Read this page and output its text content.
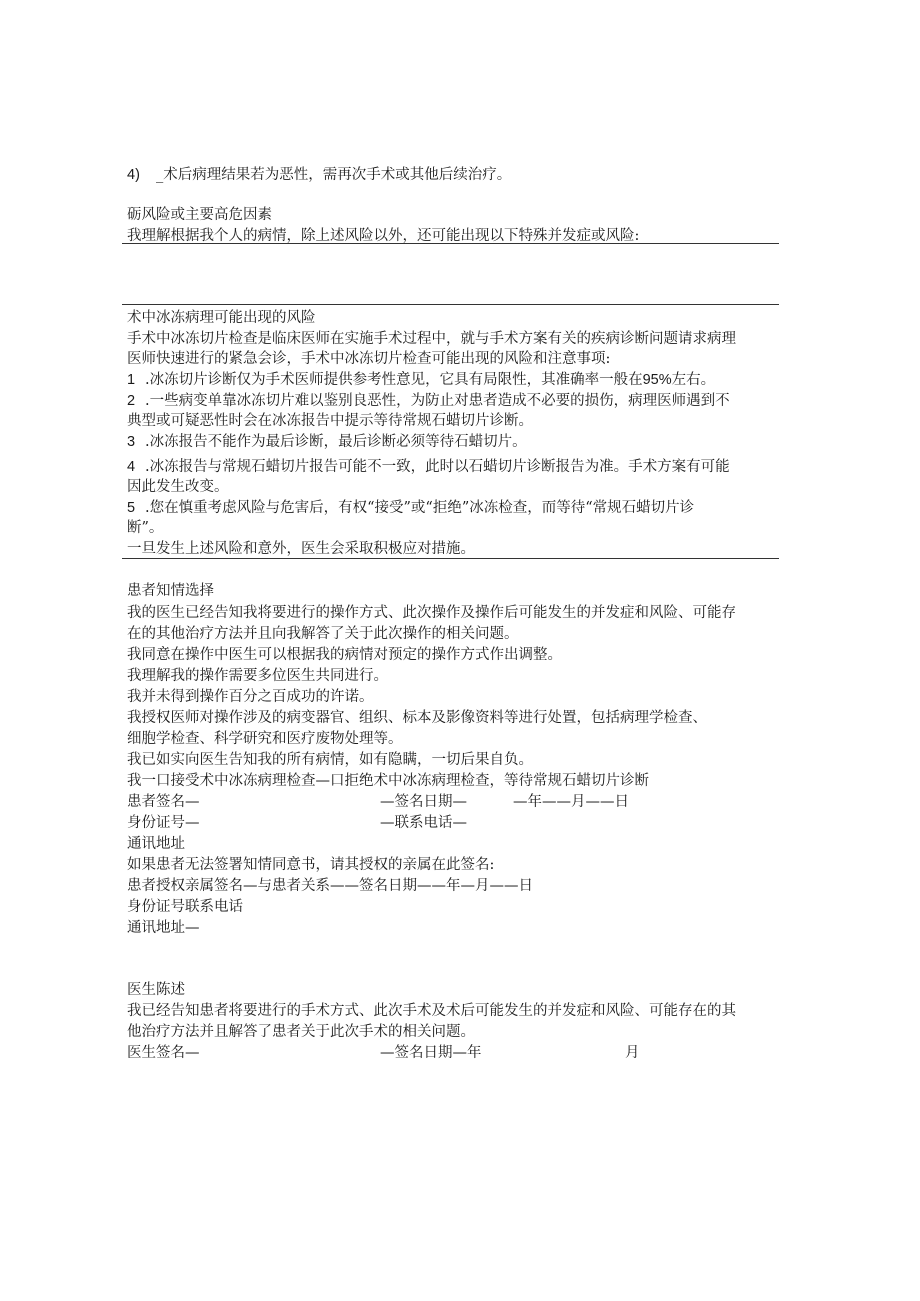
4) _术后病理结果若为恶性，需再次手术或其他后续治疗。
砺风险或主要高危因素
我理解根据我个人的病情，除上述风险以外，还可能出现以下特殊并发症或风险:
术中冰冻病理可能出现的风险
手术中冰冻切片检查是临床医师在实施手术过程中，就与手术方案有关的疾病诊断问题请求病理
医师快速进行的紧急会诊，手术中冰冻切片检查可能出现的风险和注意事项:
1 .冰冻切片诊断仅为手术医师提供参考性意见，它具有局限性，其准确率一般在95%左右。
2 .一些病变单靠冰冻切片难以鉴别良恶性，为防止对患者造成不必要的损伤，病理医师遇到不
典型或可疑恶性时会在冰冻报告中提示等待常规石蜡切片诊断。
3 .冰冻报告不能作为最后诊断，最后诊断必须等待石蜡切片。
4 .冰冻报告与常规石蜡切片报告可能不一致，此时以石蜡切片诊断报告为准。手术方案有可能
因此发生改变。
5 .您在慎重考虑风险与危害后，有权“接受”或“拒绝”冰冻检查，而等待“常规石蜡切片诊
断”。
一旦发生上述风险和意外，医生会采取积极应对措施。
患者知情选择
我的医生已经告知我将要进行的操作方式、此次操作及操作后可能发生的并发症和风险、可能存
在的其他治疗方法并且向我解答了关于此次操作的相关问题。
我同意在操作中医生可以根据我的病情对预定的操作方式作出调整。
我理解我的操作需要多位医生共同进行。
我并未得到操作百分之百成功的许诺。
我授权医师对操作涉及的病变器官、组织、标本及影像资料等进行处置，包括病理学检查、
细胞学检查、科学研究和医疗废物处理等。
我已如实向医生告知我的所有病情，如有隐瞒，一切后果自负。
我一口接受术中冰冻病理检查—口拒绝术中冰冻病理检查，等待常规石蜡切片诊断
患者签名—	—签名日期—	—年——月——日
身份证号—	—联系电话—
通讯地址
如果患者无法签署知情同意书，请其授权的亲属在此签名:
患者授权亲属签名—与患者关系——签名日期——年—月——日
身份证号联系电话
通讯地址—
医生陈述
我已经告知患者将要进行的手术方式、此次手术及术后可能发生的并发症和风险、可能存在的其
他治疗方法并且解答了患者关于此次手术的相关问题。
医生签名—	—签名日期—年	月
